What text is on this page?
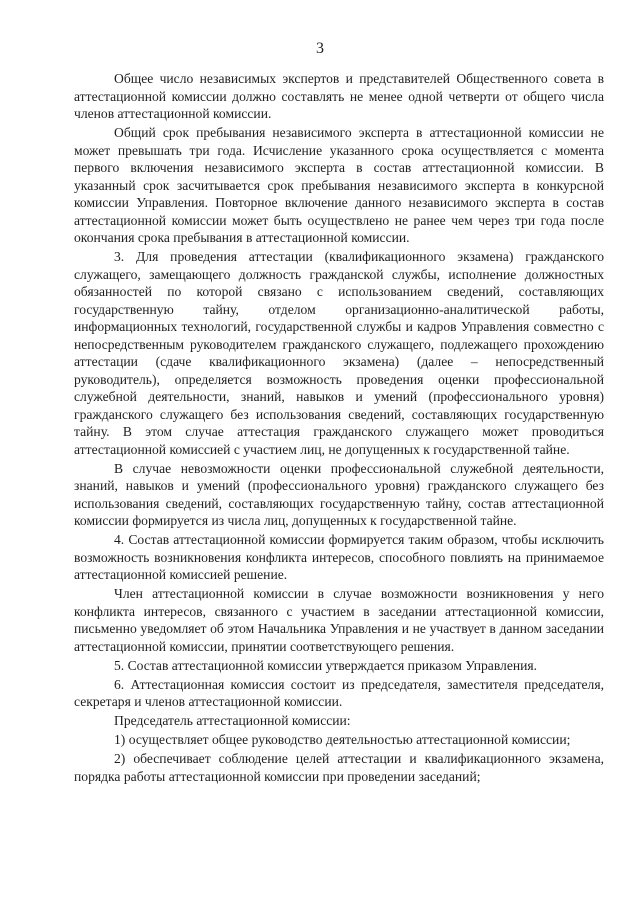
3

Общее число независимых экспертов и представителей Общественного совета в аттестационной комиссии должно составлять не менее одной четверти от общего числа членов аттестационной комиссии.

Общий срок пребывания независимого эксперта в аттестационной комиссии не может превышать три года. Исчисление указанного срока осуществляется с момента первого включения независимого эксперта в состав аттестационной комиссии. В указанный срок засчитывается срок пребывания независимого эксперта в конкурсной комиссии Управления. Повторное включение данного независимого эксперта в состав аттестационной комиссии может быть осуществлено не ранее чем через три года после окончания срока пребывания в аттестационной комиссии.

3. Для проведения аттестации (квалификационного экзамена) гражданского служащего, замещающего должность гражданской службы, исполнение должностных обязанностей по которой связано с использованием сведений, составляющих государственную тайну, отделом организационно-аналитической работы, информационных технологий, государственной службы и кадров Управления совместно с непосредственным руководителем гражданского служащего, подлежащего прохождению аттестации (сдаче квалификационного экзамена) (далее – непосредственный руководитель), определяется возможность проведения оценки профессиональной служебной деятельности, знаний, навыков и умений (профессионального уровня) гражданского служащего без использования сведений, составляющих государственную тайну. В этом случае аттестация гражданского служащего может проводиться аттестационной комиссией с участием лиц, не допущенных к государственной тайне.

В случае невозможности оценки профессиональной служебной деятельности, знаний, навыков и умений (профессионального уровня) гражданского служащего без использования сведений, составляющих государственную тайну, состав аттестационной комиссии формируется из числа лиц, допущенных к государственной тайне.

4. Состав аттестационной комиссии формируется таким образом, чтобы исключить возможность возникновения конфликта интересов, способного повлиять на принимаемое аттестационной комиссией решение.

Член аттестационной комиссии в случае возможности возникновения у него конфликта интересов, связанного с участием в заседании аттестационной комиссии, письменно уведомляет об этом Начальника Управления и не участвует в данном заседании аттестационной комиссии, принятии соответствующего решения.

5. Состав аттестационной комиссии утверждается приказом Управления.

6. Аттестационная комиссия состоит из председателя, заместителя председателя, секретаря и членов аттестационной комиссии.

Председатель аттестационной комиссии:

1) осуществляет общее руководство деятельностью аттестационной комиссии;

2) обеспечивает соблюдение целей аттестации и квалификационного экзамена, порядка работы аттестационной комиссии при проведении заседаний;
